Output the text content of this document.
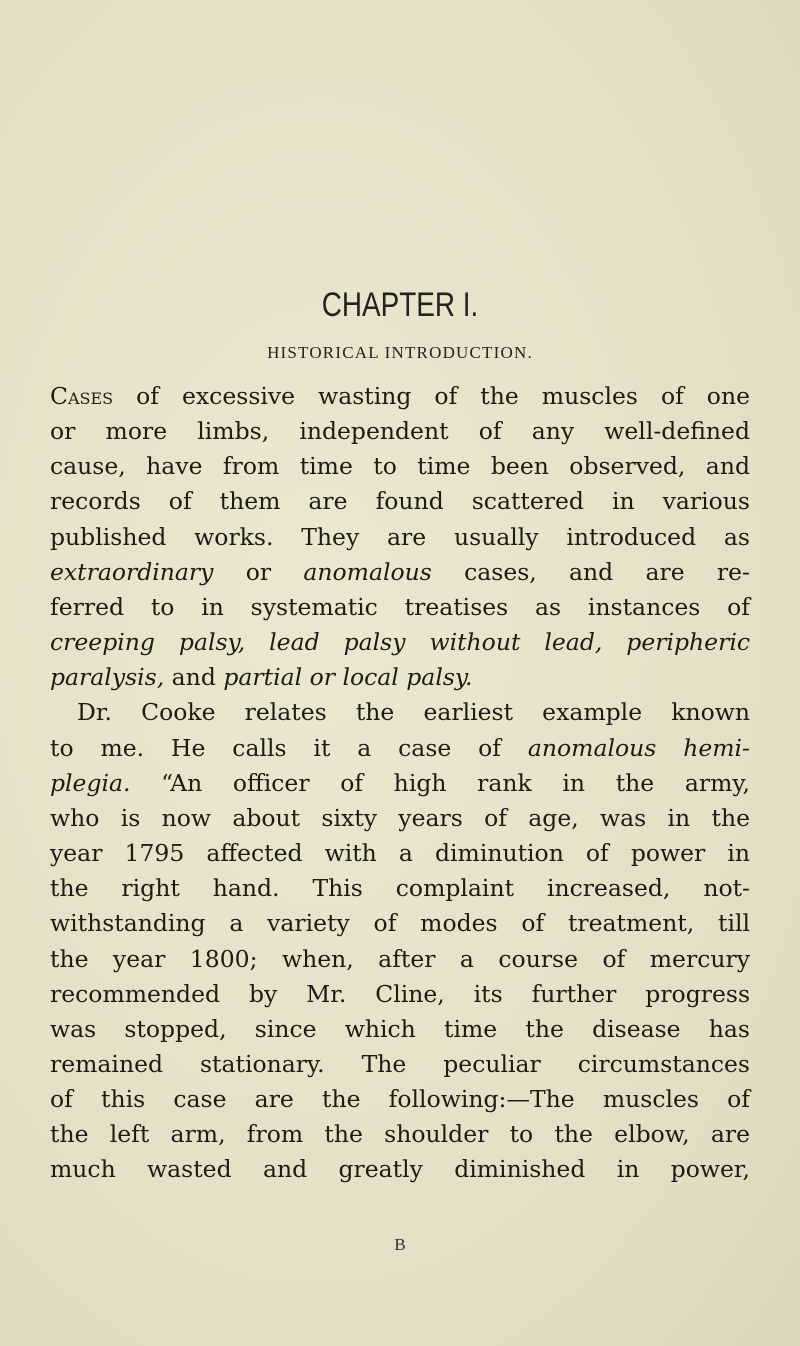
CHAPTER I.
HISTORICAL INTRODUCTION.
Cases of excessive wasting of the muscles of one
or more limbs, independent of any well-defined
cause, have from time to time been observed, and
records of them are found scattered in various
published works. They are usually introduced as
extraordinary or anomalous cases, and are re-
ferred to in systematic treatises as instances of
creeping palsy, lead palsy without lead, peripheric
paralysis, and partial or local palsy.
Dr. Cooke relates the earliest example known
to me. He calls it a case of anomalous hemi-
plegia. “An officer of high rank in the army,
who is now about sixty years of age, was in the
year 1795 affected with a diminution of power in
the right hand. This complaint increased, not-
withstanding a variety of modes of treatment, till
the year 1800; when, after a course of mercury
recommended by Mr. Cline, its further progress
was stopped, since which time the disease has
remained stationary. The peculiar circumstances
of this case are the following:—The muscles of
the left arm, from the shoulder to the elbow, are
much wasted and greatly diminished in power,
B
